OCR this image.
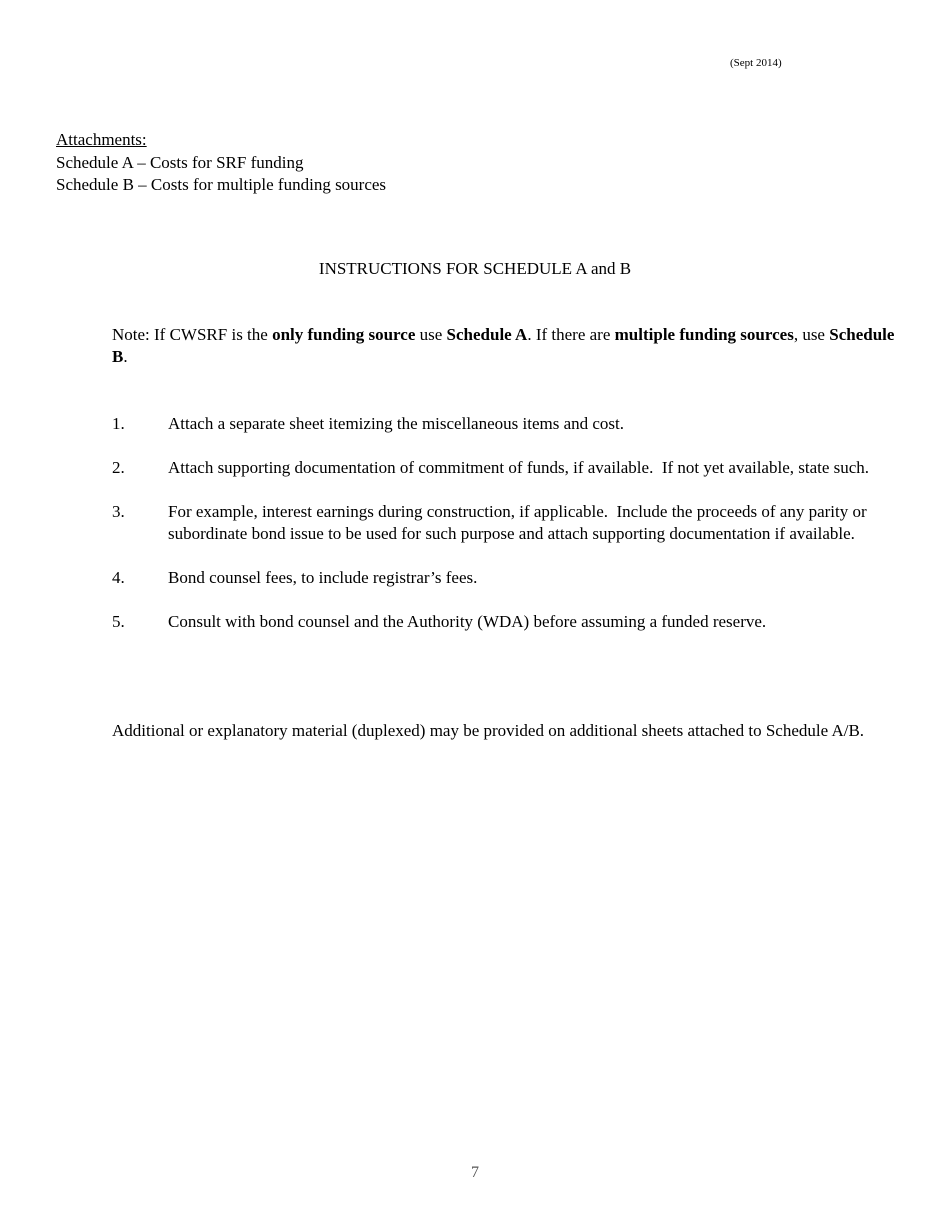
(Sept 2014)
Attachments:
Schedule A – Costs for SRF funding
Schedule B – Costs for multiple funding sources
INSTRUCTIONS FOR SCHEDULE A and B
Note: If CWSRF is the only funding source use Schedule A. If there are multiple funding sources, use Schedule B.
1.	Attach a separate sheet itemizing the miscellaneous items and cost.
2.	Attach supporting documentation of commitment of funds, if available.  If not yet available, state such.
3.	For example, interest earnings during construction, if applicable.  Include the proceeds of any parity or subordinate bond issue to be used for such purpose and attach supporting documentation if available.
4.	Bond counsel fees, to include registrar’s fees.
5.	Consult with bond counsel and the Authority (WDA) before assuming a funded reserve.
Additional or explanatory material (duplexed) may be provided on additional sheets attached to Schedule A/B.
7
